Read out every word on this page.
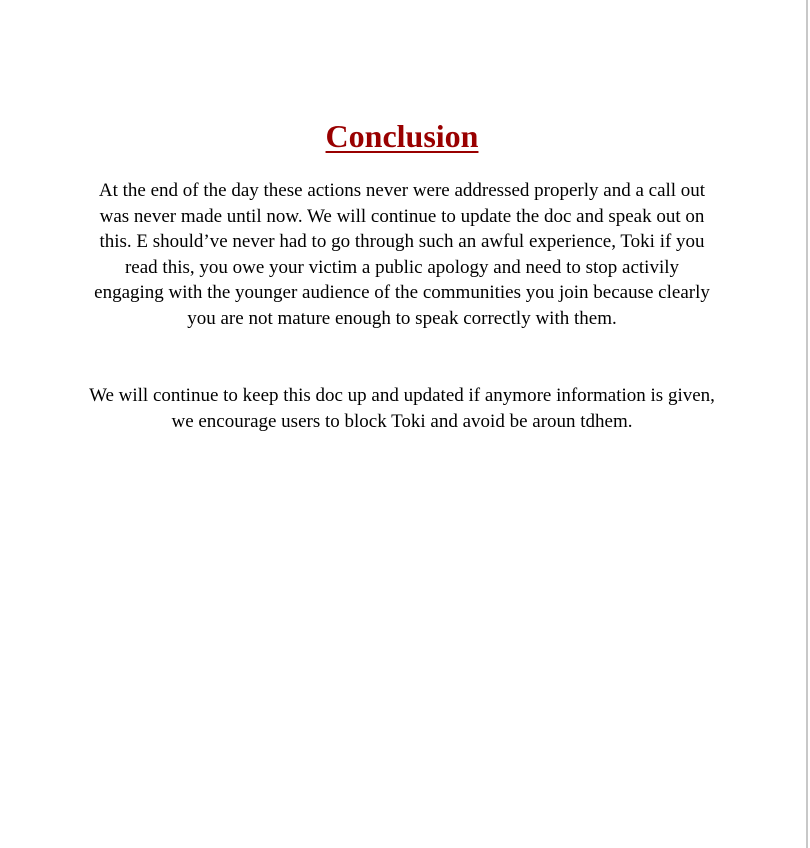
Conclusion

At the end of the day these actions never were addressed properly and a call out was never made until now. We will continue to update the doc and speak out on this. E should’ve never had to go through such an awful experience, Toki if you read this, you owe your victim a public apology and need to stop activily engaging with the younger audience of the communities you join because clearly you are not mature enough to speak correctly with them.

We will continue to keep this doc up and updated if anymore information is given, we encourage users to block Toki and avoid be aroun tdhem.
